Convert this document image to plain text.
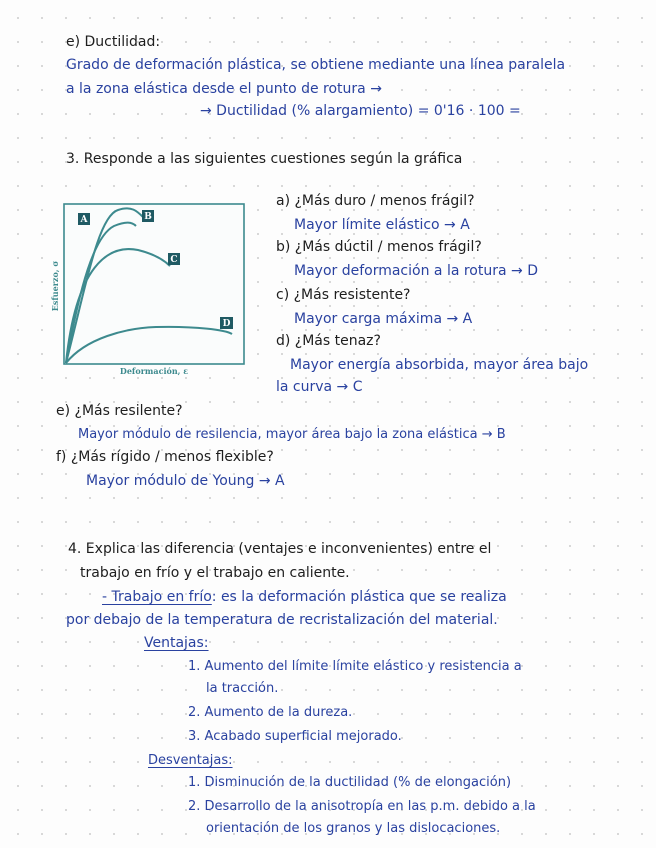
e) Ductilidad:
Grado de deformación plástica, se obtiene mediante una línea paralela
a la zona elástica desde el punto de rotura →
→ Ductilidad (% alargamiento) = 0'16 · 100 =
3. Responde a las siguientes cuestiones según la gráfica
Esfuerzo, σ
Deformación, ε
A	B
C
D
a) ¿Más duro / menos frágil?
Mayor límite elástico → A
b) ¿Más dúctil / menos frágil?
Mayor deformación a la rotura → D
c) ¿Más resistente?
Mayor carga máxima → A
d) ¿Más tenaz?
Mayor energía absorbida, mayor área bajo
la curva → C
e) ¿Más resilente?
Mayor módulo de resilencia, mayor área bajo la zona elástica → B
f) ¿Más rígido / menos flexible?
Mayor módulo de Young → A
4. Explica las diferencia (ventajes e inconvenientes) entre el
trabajo en frío y el trabajo en caliente.
- Trabajo en frío: es la deformación plástica que se realiza
por debajo de la temperatura de recristalización del material.
Ventajas:
1. Aumento del límite límite elástico y resistencia a
la tracción.
2. Aumento de la dureza.
3. Acabado superficial mejorado.
Desventajas:
1. Disminución de la ductilidad (% de elongación)
2. Desarrollo de la anisotropía en las p.m. debido a la
orientación de los granos y las dislocaciones.
